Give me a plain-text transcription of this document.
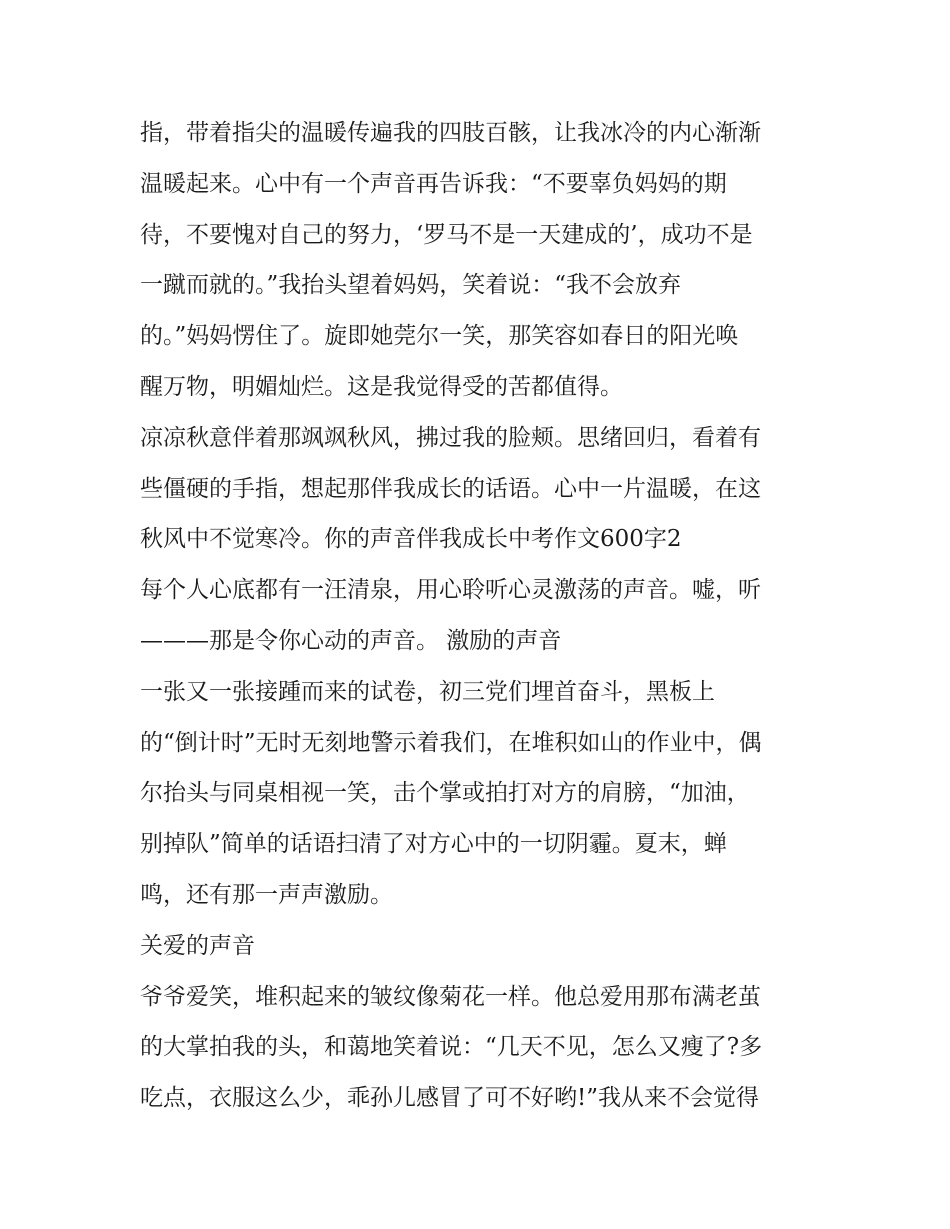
指，带着指尖的温暖传遍我的四肢百骸，让我冰冷的内心渐渐
温暖起来。心中有一个声音再告诉我：“不要辜负妈妈的期
待，不要愧对自己的努力，‘罗马不是一天建成的’，成功不是
一蹴而就的。”我抬头望着妈妈，笑着说：“我不会放弃
的。”妈妈愣住了。旋即她莞尔一笑，那笑容如春日的阳光唤
醒万物，明媚灿烂。这是我觉得受的苦都值得。
凉凉秋意伴着那飒飒秋风，拂过我的脸颊。思绪回归，看着有
些僵硬的手指，想起那伴我成长的话语。心中一片温暖，在这
秋风中不觉寒冷。你的声音伴我成长中考作文600字2
每个人心底都有一汪清泉，用心聆听心灵激荡的声音。嘘，听
———那是令你心动的声音。 激励的声音
一张又一张接踵而来的试卷，初三党们埋首奋斗，黑板上
的“倒计时”无时无刻地警示着我们，在堆积如山的作业中，偶
尔抬头与同桌相视一笑，击个掌或拍打对方的肩膀，“加油，
别掉队”简单的话语扫清了对方心中的一切阴霾。夏末，蝉
鸣，还有那一声声激励。
关爱的声音
爷爷爱笑，堆积起来的皱纹像菊花一样。他总爱用那布满老茧
的大掌拍我的头，和蔼地笑着说：“几天不见，怎么又瘦了?多
吃点，衣服这么少，乖孙儿感冒了可不好哟!”我从来不会觉得
